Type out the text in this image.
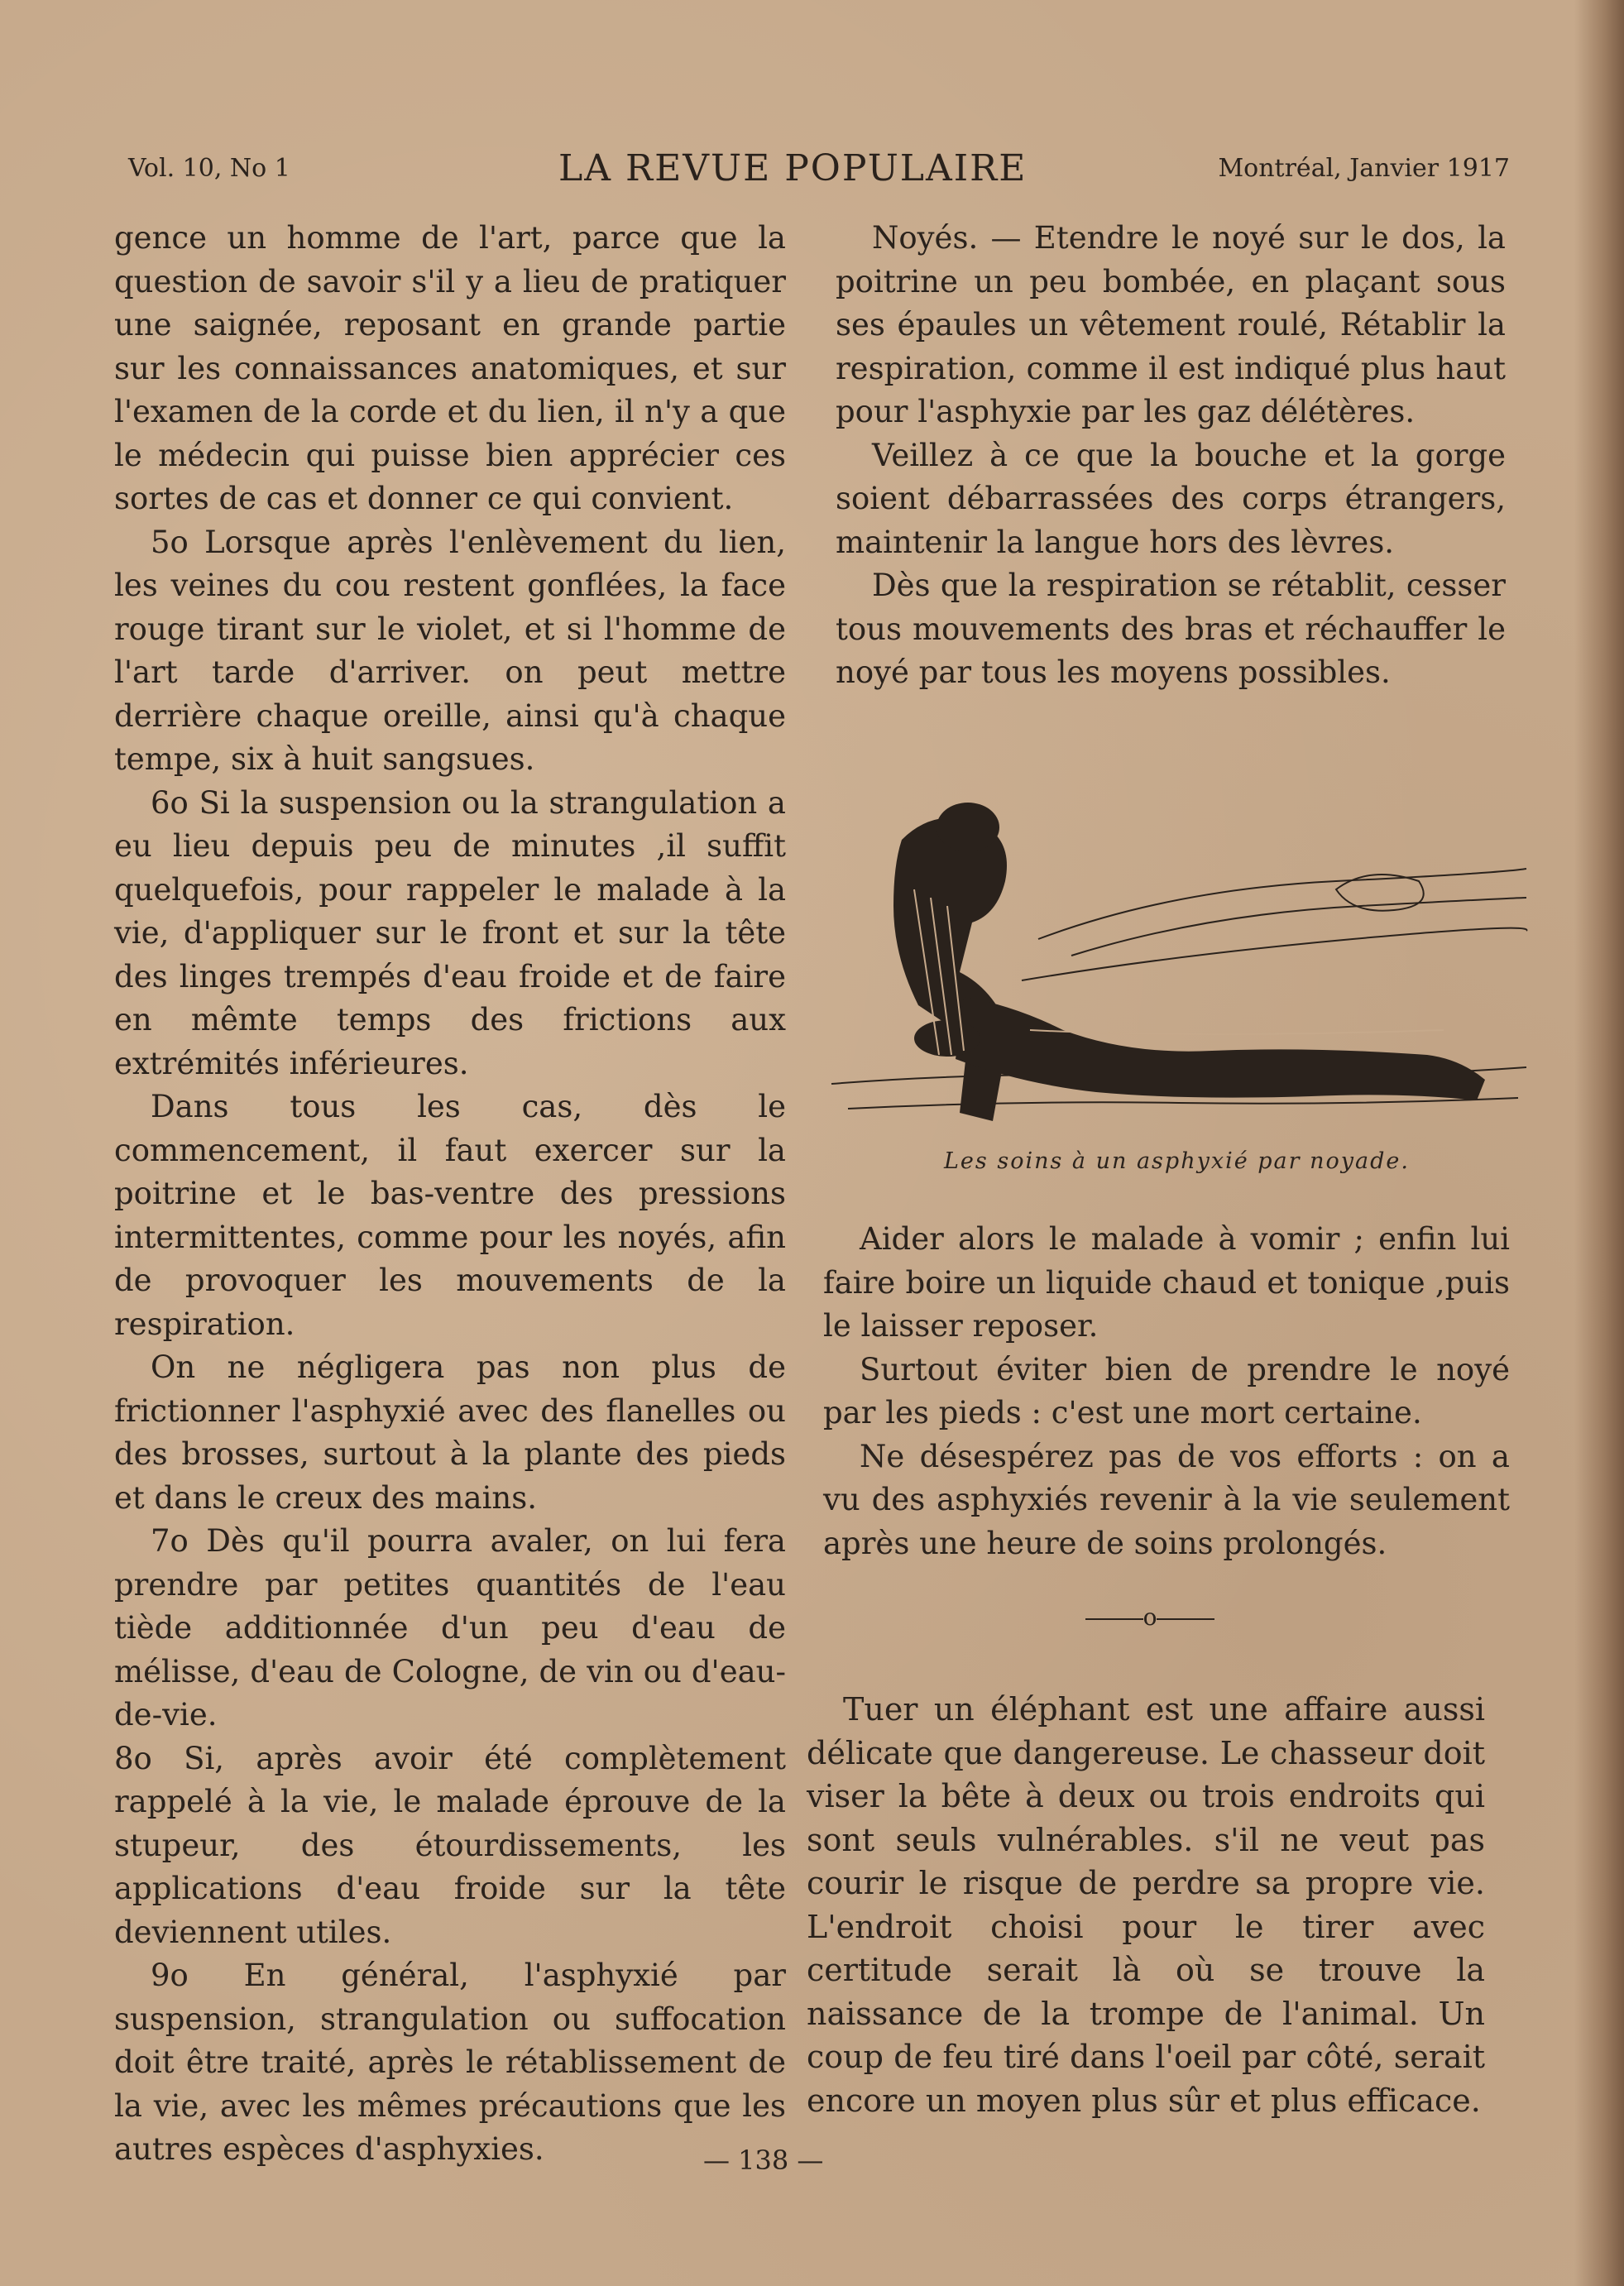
Vol. 10, No 1	LA REVUE POPULAIRE	Montréal, Janvier 1917

gence un homme de l'art, parce que la question de savoir s'il y a lieu de pratiquer une saignée, reposant en grande partie sur les connaissances anatomiques, et sur l'examen de la corde et du lien, il n'y a que le médecin qui puisse bien apprécier ces sortes de cas et donner ce qui convient.

5o Lorsque après l'enlèvement du lien, les veines du cou restent gonflées, la face rouge tirant sur le violet, et si l'homme de l'art tarde d'arriver. on peut mettre derrière chaque oreille, ainsi qu'à chaque tempe, six à huit sangsues.

6o Si la suspension ou la strangulation a eu lieu depuis peu de minutes ,il suffit quelquefois, pour rappeler le malade à la vie, d'appliquer sur le front et sur la tête des linges trempés d'eau froide et de faire en mêmte temps des frictions aux extrémités inférieures.

Dans tous les cas, dès le commencement, il faut exercer sur la poitrine et le bas-ventre des pressions intermittentes, comme pour les noyés, afin de provoquer les mouvements de la respiration.

On ne négligera pas non plus de frictionner l'asphyxié avec des flanelles ou des brosses, surtout à la plante des pieds et dans le creux des mains.

7o Dès qu'il pourra avaler, on lui fera prendre par petites quantités de l'eau tiède additionnée d'un peu d'eau de mélisse, d'eau de Cologne, de vin ou d'eau-de-vie.

8o Si, après avoir été complètement rappelé à la vie, le malade éprouve de la stupeur, des étourdissements, les applications d'eau froide sur la tête deviennent utiles.

9o En général, l'asphyxié par suspension, strangulation ou suffocation doit être traité, après le rétablissement de la vie, avec les mêmes précautions que les autres espèces d'asphyxies.

Noyés. — Etendre le noyé sur le dos, la poitrine un peu bombée, en plaçant sous ses épaules un vêtement roulé, Rétablir la respiration, comme il est indiqué plus haut pour l'asphyxie par les gaz délétères.

Veillez à ce que la bouche et la gorge soient débarrassées des corps étrangers, maintenir la langue hors des lèvres.

Dès que la respiration se rétablit, cesser tous mouvements des bras et réchauffer le noyé par tous les moyens possibles.

Les soins à un asphyxié par noyade.

Aider alors le malade à vomir ; enfin lui faire boire un liquide chaud et tonique ,puis le laisser reposer.

Surtout éviter bien de prendre le noyé par les pieds : c'est une mort certaine.

Ne désespérez pas de vos efforts : on a vu des asphyxiés revenir à la vie seulement après une heure de soins prolongés.

o

Tuer un éléphant est une affaire aussi délicate que dangereuse. Le chasseur doit viser la bête à deux ou trois endroits qui sont seuls vulnérables. s'il ne veut pas courir le risque de perdre sa propre vie. L'endroit choisi pour le tirer avec certitude serait là où se trouve la naissance de la trompe de l'animal. Un coup de feu tiré dans l'oeil par côté, serait encore un moyen plus sûr et plus efficace.

— 138 —
